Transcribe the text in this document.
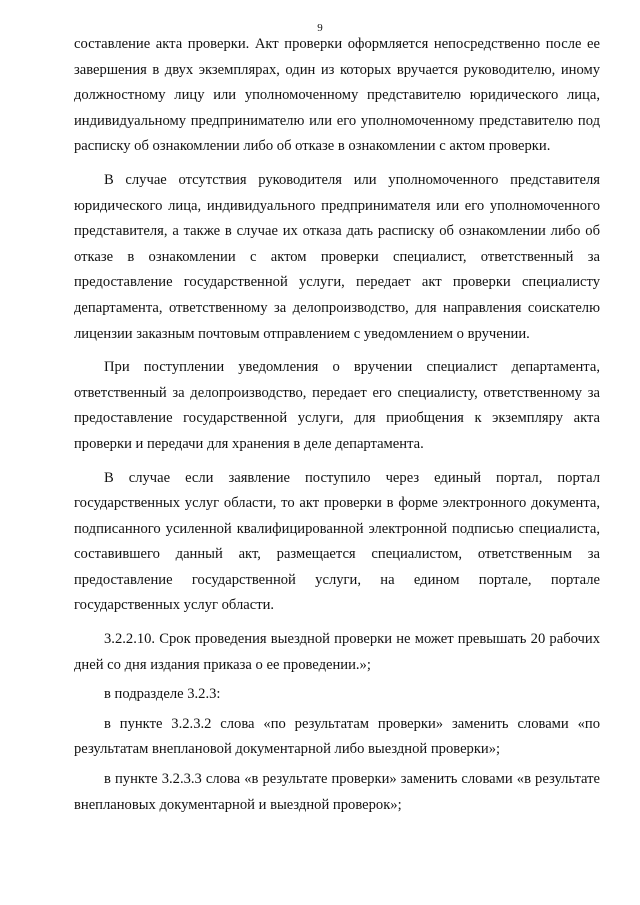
9

составление акта проверки. Акт проверки оформляется непосредственно после ее завершения в двух экземплярах, один из которых вручается руководителю, иному должностному лицу или уполномоченному представителю юридического лица, индивидуальному предпринимателю или его уполномоченному представителю под расписку об ознакомлении либо об отказе в ознакомлении с актом проверки.

В случае отсутствия руководителя или уполномоченного представителя юридического лица, индивидуального предпринимателя или его уполномоченного представителя, а также в случае их отказа дать расписку об ознакомлении либо об отказе в ознакомлении с актом проверки специалист, ответственный за предоставление государственной услуги, передает акт проверки специалисту департамента, ответственному за делопроизводство, для направления соискателю лицензии заказным почтовым отправлением с уведомлением о вручении.

При поступлении уведомления о вручении специалист департамента, ответственный за делопроизводство, передает его специалисту, ответственному за предоставление государственной услуги, для приобщения к экземпляру акта проверки и передачи для хранения в деле департамента.

В случае если заявление поступило через единый портал, портал государственных услуг области, то акт проверки в форме электронного документа, подписанного усиленной квалифицированной электронной подписью специалиста, составившего данный акт, размещается специалистом, ответственным за предоставление государственной услуги, на едином портале, портале государственных услуг области.

3.2.2.10. Срок проведения выездной проверки не может превышать 20 рабочих дней со дня издания приказа о ее проведении.»;

в подразделе 3.2.3:

в пункте 3.2.3.2 слова «по результатам проверки» заменить словами «по результатам внеплановой документарной либо выездной проверки»;

в пункте 3.2.3.3 слова «в результате проверки» заменить словами «в результате внеплановых документарной и выездной проверок»;
